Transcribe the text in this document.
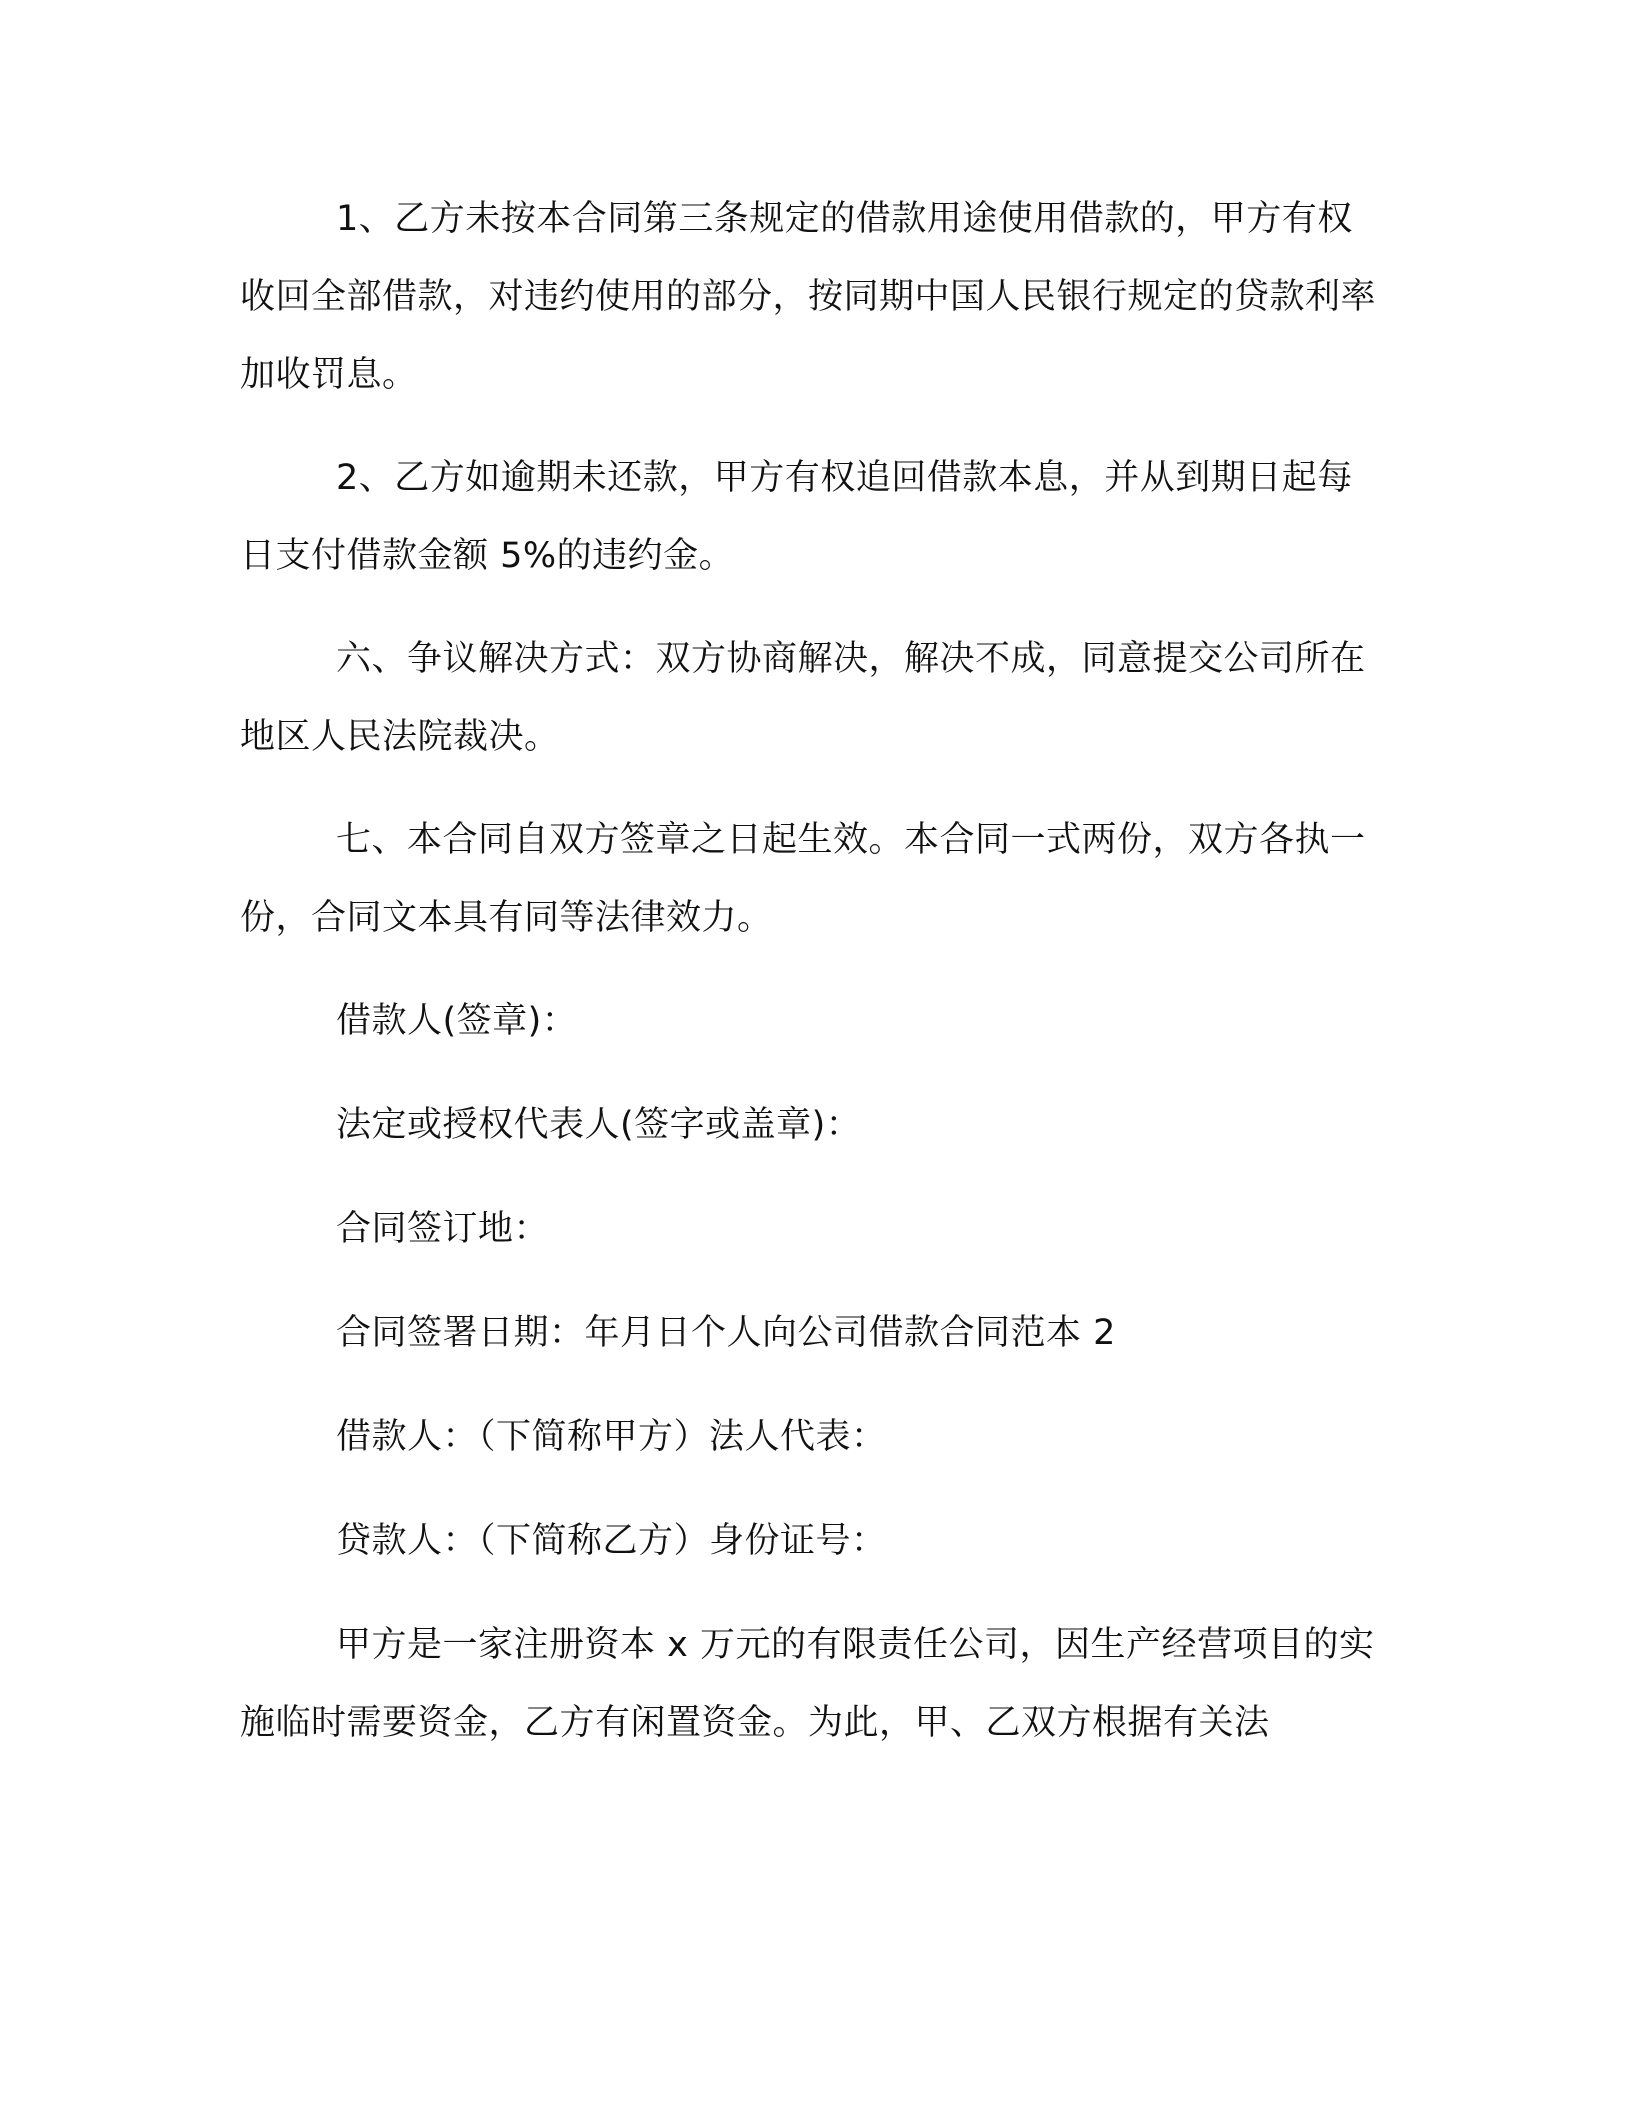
1、乙方未按本合同第三条规定的借款用途使用借款的，甲方有权收回全部借款，对违约使用的部分，按同期中国人民银行规定的贷款利率加收罚息。

2、乙方如逾期未还款，甲方有权追回借款本息，并从到期日起每日支付借款金额 5%的违约金。

六、争议解决方式：双方协商解决，解决不成，同意提交公司所在地区人民法院裁决。

七、本合同自双方签章之日起生效。本合同一式两份，双方各执一份，合同文本具有同等法律效力。

借款人(签章)：

法定或授权代表人(签字或盖章)：

合同签订地：

合同签署日期：年月日个人向公司借款合同范本 2

借款人：（下简称甲方）法人代表：

贷款人：（下简称乙方）身份证号：

甲方是一家注册资本 x 万元的有限责任公司，因生产经营项目的实施临时需要资金，乙方有闲置资金。为此，甲、乙双方根据有关法
